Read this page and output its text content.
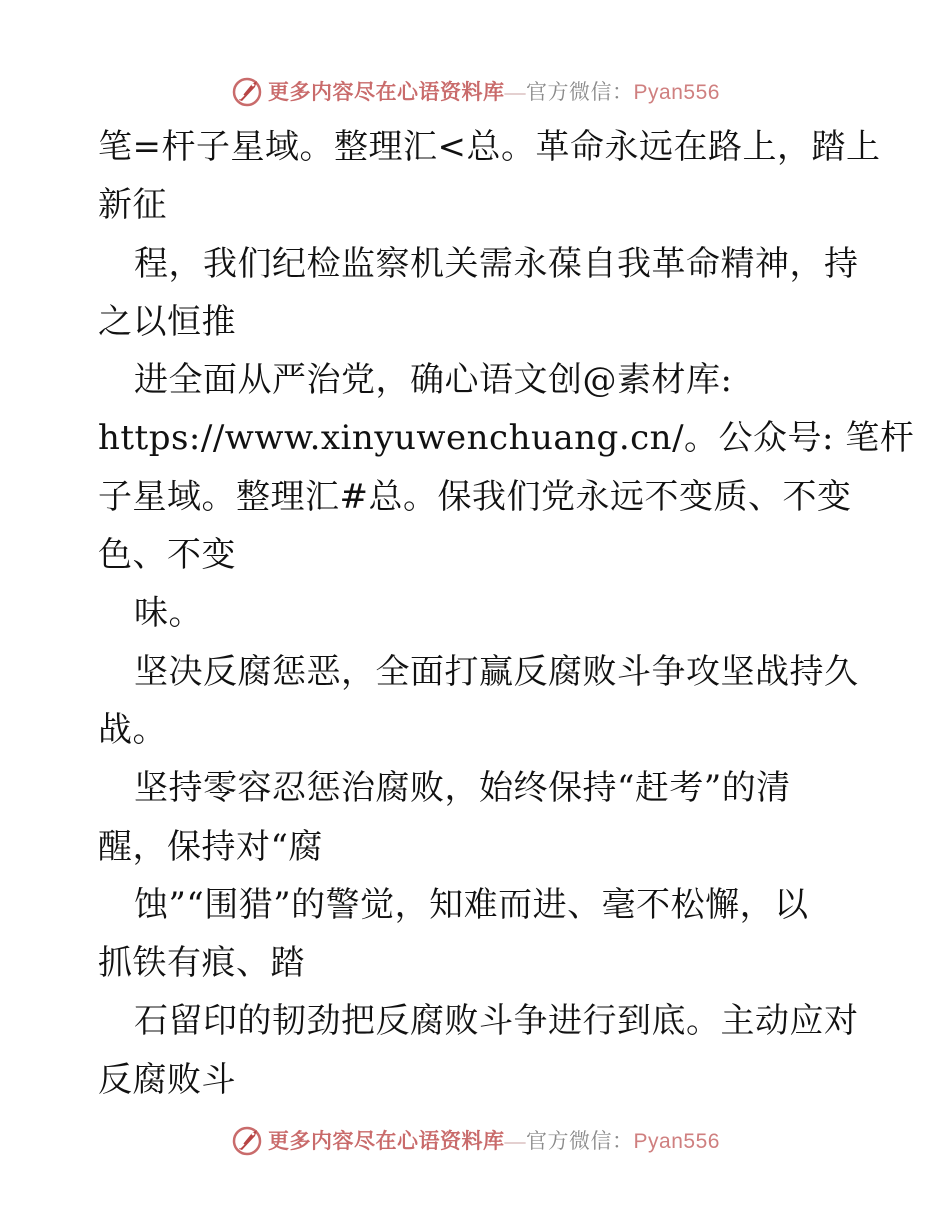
更多内容尽在心语资料库—官方微信：Pyan556
笔=杆子星域。整理汇<总。革命永远在路上，踏上
新征
程，我们纪检监察机关需永葆自我革命精神，持
之以恒推
进全面从严治党，确心语文创@素材库:
https://www.xinyuwenchuang.cn/。公众号: 笔杆
子星域。整理汇#总。保我们党永远不变质、不变
色、不变
味。
坚决反腐惩恶，全面打赢反腐败斗争攻坚战持久
战。
坚持零容忍惩治腐败，始终保持“赶考”的清
醒，保持对“腐
蚀”“围猎”的警觉，知难而进、毫不松懈，以
抓铁有痕、踏
石留印的韧劲把反腐败斗争进行到底。主动应对
反腐败斗
更多内容尽在心语资料库—官方微信：Pyan556
